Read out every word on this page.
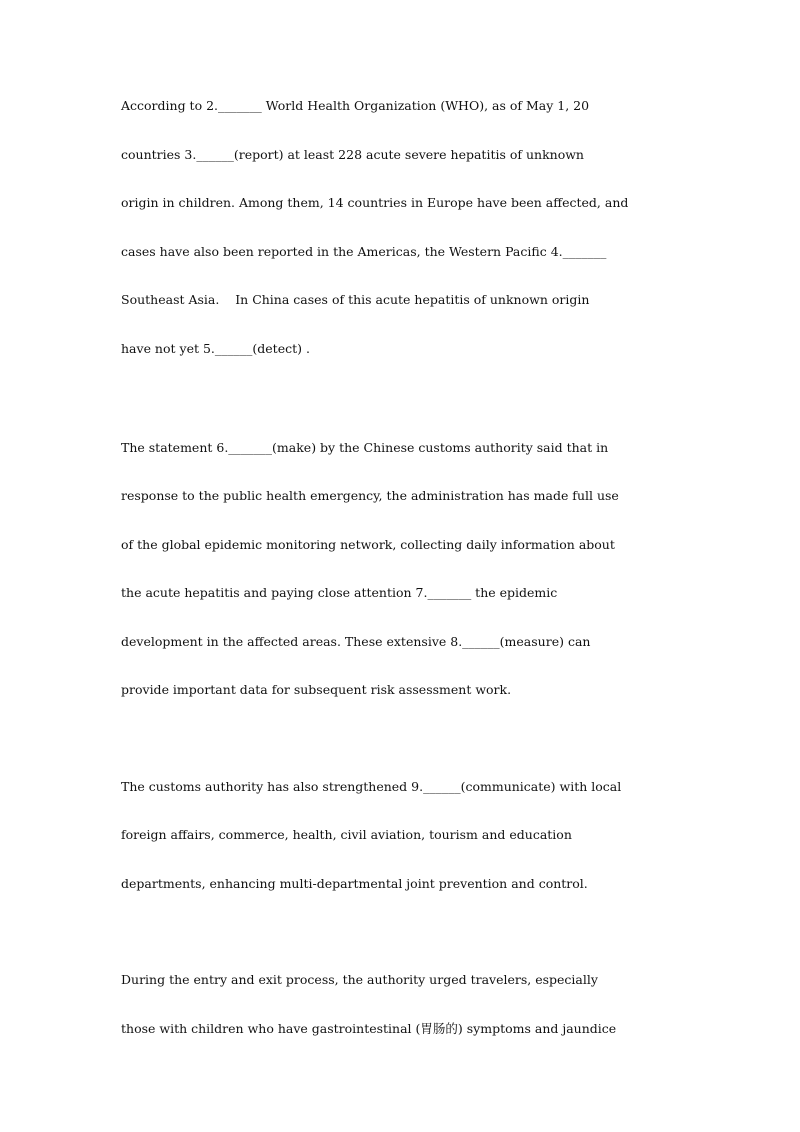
According to 2._______ World Health Organization (WHO), as of May 1, 20
countries 3.______(report) at least 228 acute severe hepatitis of unknown
origin in children. Among them, 14 countries in Europe have been affected, and
cases have also been reported in the Americas, the Western Pacific 4._______
Southeast Asia.    In China cases of this acute hepatitis of unknown origin
have not yet 5.______(detect) .
The statement 6._______(make) by the Chinese customs authority said that in
response to the public health emergency, the administration has made full use
of the global epidemic monitoring network, collecting daily information about
the acute hepatitis and paying close attention 7._______ the epidemic
development in the affected areas. These extensive 8.______(measure) can
provide important data for subsequent risk assessment work.
The customs authority has also strengthened 9.______(communicate) with local
foreign affairs, commerce, health, civil aviation, tourism and education
departments, enhancing multi-departmental joint prevention and control.
During the entry and exit process, the authority urged travelers, especially
those with children who have gastrointestinal (胃肠的) symptoms and jaundice
